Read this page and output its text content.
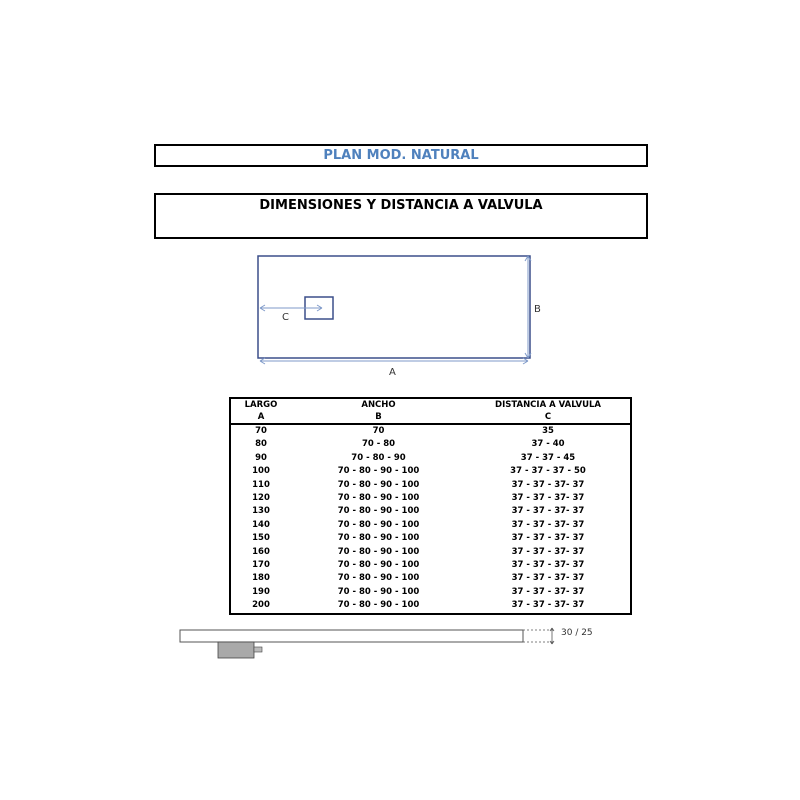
PLAN MOD. NATURAL
DIMENSIONES Y DISTANCIA A VALVULA
C
B
A
LARGO	ANCHO	DISTANCIA A VALVULA
A	B	C
70	70	35
80	70 - 80	37 - 40
90	70 - 80 - 90	37 - 37 - 45
100	70 - 80 - 90 - 100	37 - 37 - 37 - 50
110	70 - 80 - 90 - 100	37 - 37 - 37- 37
120	70 - 80 - 90 - 100	37 - 37 - 37- 37
130	70 - 80 - 90 - 100	37 - 37 - 37- 37
140	70 - 80 - 90 - 100	37 - 37 - 37- 37
150	70 - 80 - 90 - 100	37 - 37 - 37- 37
160	70 - 80 - 90 - 100	37 - 37 - 37- 37
170	70 - 80 - 90 - 100	37 - 37 - 37- 37
180	70 - 80 - 90 - 100	37 - 37 - 37- 37
190	70 - 80 - 90 - 100	37 - 37 - 37- 37
200	70 - 80 - 90 - 100	37 - 37 - 37- 37
30 / 25
